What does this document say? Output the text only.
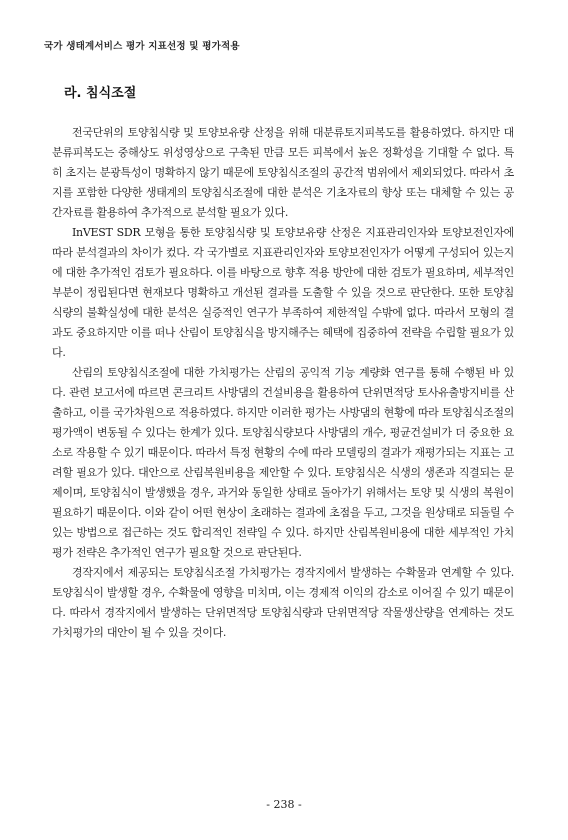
국가 생태계서비스 평가 지표선정 및 평가적용
라. 침식조절

전국단위의 토양침식량 및 토양보유량 산정을 위해 대분류토지피복도를 활용하였다. 하지만 대분류피복도는 중해상도 위성영상으로 구축된 만큼 모든 피복에서 높은 정확성을 기대할 수 없다. 특히 초지는 분광특성이 명확하지 않기 때문에 토양침식조절의 공간적 범위에서 제외되었다. 따라서 초지를 포함한 다양한 생태계의 토양침식조절에 대한 분석은 기초자료의 향상 또는 대체할 수 있는 공간자료를 활용하여 추가적으로 분석할 필요가 있다.

InVEST SDR 모형을 통한 토양침식량 및 토양보유량 산정은 지표관리인자와 토양보전인자에 따라 분석결과의 차이가 컸다. 각 국가별로 지표관리인자와 토양보전인자가 어떻게 구성되어 있는지에 대한 추가적인 검토가 필요하다. 이를 바탕으로 향후 적용 방안에 대한 검토가 필요하며, 세부적인 부분이 정립된다면 현재보다 명확하고 개선된 결과를 도출할 수 있을 것으로 판단한다. 또한 토양침식량의 불확실성에 대한 분석은 실증적인 연구가 부족하여 제한적일 수밖에 없다. 따라서 모형의 결과도 중요하지만 이를 떠나 산림이 토양침식을 방지해주는 혜택에 집중하여 전략을 수립할 필요가 있다.

산림의 토양침식조절에 대한 가치평가는 산림의 공익적 기능 계량화 연구를 통해 수행된 바 있다. 관련 보고서에 따르면 콘크리트 사방댐의 건설비용을 활용하여 단위면적당 토사유출방지비를 산출하고, 이를 국가차원으로 적용하였다. 하지만 이러한 평가는 사방댐의 현황에 따라 토양침식조절의 평가액이 변동될 수 있다는 한계가 있다. 토양침식량보다 사방댐의 개수, 평균건설비가 더 중요한 요소로 작용할 수 있기 때문이다. 따라서 특정 현황의 수에 따라 모델링의 결과가 재평가되는 지표는 고려할 필요가 있다. 대안으로 산림복원비용을 제안할 수 있다. 토양침식은 식생의 생존과 직결되는 문제이며, 토양침식이 발생했을 경우, 과거와 동일한 상태로 돌아가기 위해서는 토양 및 식생의 복원이 필요하기 때문이다. 이와 같이 어떤 현상이 초래하는 결과에 초점을 두고, 그것을 원상태로 되돌릴 수 있는 방법으로 접근하는 것도 합리적인 전략일 수 있다. 하지만 산림복원비용에 대한 세부적인 가치평가 전략은 추가적인 연구가 필요할 것으로 판단된다.

경작지에서 제공되는 토양침식조절 가치평가는 경작지에서 발생하는 수확물과 연계할 수 있다. 토양침식이 발생할 경우, 수확물에 영향을 미치며, 이는 경제적 이익의 감소로 이어질 수 있기 때문이다. 따라서 경작지에서 발생하는 단위면적당 토양침식량과 단위면적당 작물생산량을 연계하는 것도 가치평가의 대안이 될 수 있을 것이다.

- 238 -
